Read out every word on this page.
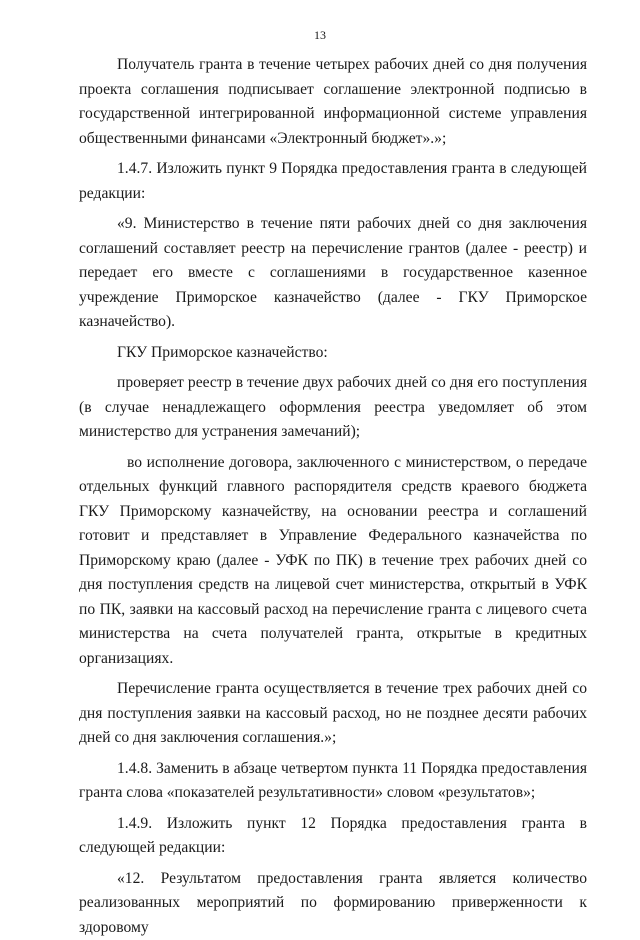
13

Получатель гранта в течение четырех рабочих дней со дня получения проекта соглашения подписывает соглашение электронной подписью в государственной интегрированной информационной системе управления общественными финансами «Электронный бюджет».»;

1.4.7. Изложить пункт 9 Порядка предоставления гранта в следующей редакции:

«9. Министерство в течение пяти рабочих дней со дня заключения соглашений составляет реестр на перечисление грантов (далее - реестр) и передает его вместе с соглашениями в государственное казенное учреждение Приморское казначейство (далее - ГКУ Приморское казначейство).

ГКУ Приморское казначейство:

проверяет реестр в течение двух рабочих дней со дня его поступления (в случае ненадлежащего оформления реестра уведомляет об этом министерство для устранения замечаний);

во исполнение договора, заключенного с министерством, о передаче отдельных функций главного распорядителя средств краевого бюджета ГКУ Приморскому казначейству, на основании реестра и соглашений готовит и представляет в Управление Федерального казначейства по Приморскому краю (далее - УФК по ПК) в течение трех рабочих дней со дня поступления средств на лицевой счет министерства, открытый в УФК по ПК, заявки на кассовый расход на перечисление гранта с лицевого счета министерства на счета получателей гранта, открытые в кредитных организациях.

Перечисление гранта осуществляется в течение трех рабочих дней со дня поступления заявки на кассовый расход, но не позднее десяти рабочих дней со дня заключения соглашения.»;

1.4.8. Заменить в абзаце четвертом пункта 11 Порядка предоставления гранта слова «показателей результативности» словом «результатов»;

1.4.9. Изложить пункт 12 Порядка предоставления гранта в следующей редакции:

«12. Результатом предоставления гранта является количество реализованных мероприятий по формированию приверженности к здоровому
